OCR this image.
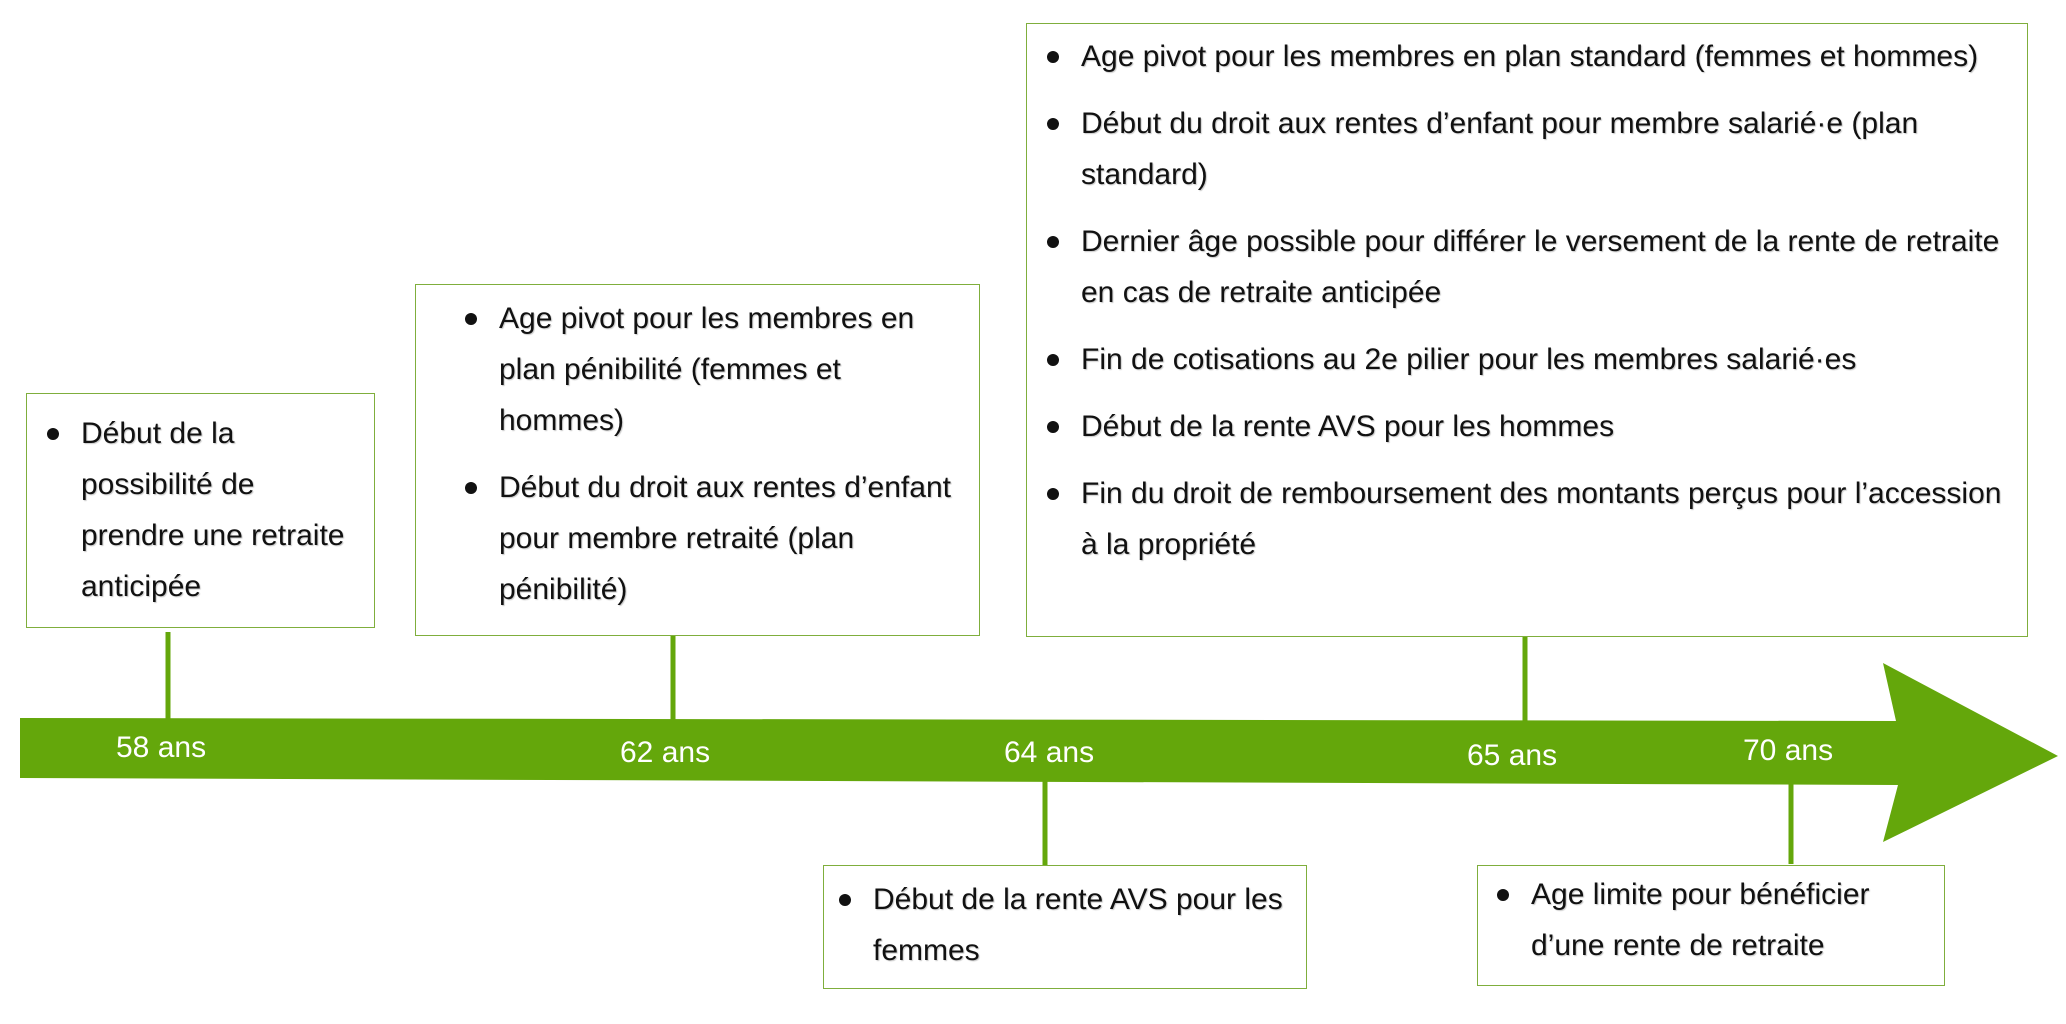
58 ans	62 ans	64 ans	65 ans	70 ans
Début de la possibilité de prendre une retraite anticipée
Age pivot pour les membres en plan pénibilité (femmes et hommes)
Début du droit aux rentes d’enfant pour membre retraité (plan pénibilité)
Début de la rente AVS pour les femmes
Age pivot pour les membres en plan standard (femmes et hommes)
Début du droit aux rentes d’enfant pour membre salarié·e (plan standard)
Dernier âge possible pour différer le versement de la rente de retraite en cas de retraite anticipée
Fin de cotisations au 2e pilier pour les membres salarié·es
Début de la rente AVS pour les hommes
Fin du droit de remboursement des montants perçus pour l’accession à la propriété
Age limite pour bénéficier d’une rente de retraite
